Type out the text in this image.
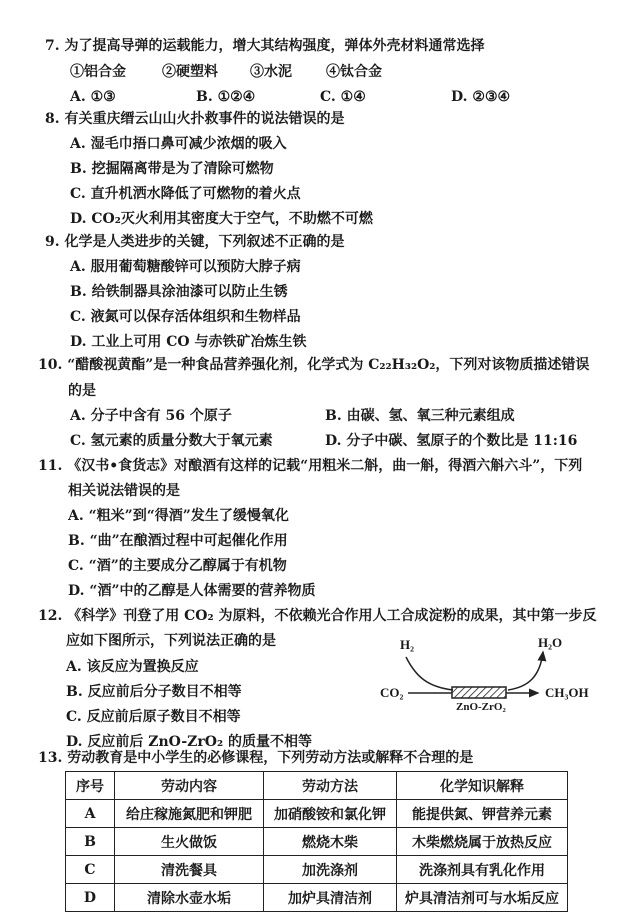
7. 为了提高导弹的运载能力，增大其结构强度，弹体外壳材料通常选择
①铝合金	②硬塑料 ③水泥 ④钛合金
A. ①③	B. ①②④	C. ①④	D. ②③④
8. 有关重庆缙云山山火扑救事件的说法错误的是
A. 湿毛巾捂口鼻可减少浓烟的吸入
B. 挖掘隔离带是为了清除可燃物
C. 直升机洒水降低了可燃物的着火点
D. CO₂灭火利用其密度大于空气，不助燃不可燃
9. 化学是人类进步的关键，下列叙述不正确的是
A. 服用葡萄糖酸锌可以预防大脖子病
B. 给铁制器具涂油漆可以防止生锈
C. 液氮可以保存活体组织和生物样品
D. 工业上可用 CO 与赤铁矿冶炼生铁
10. “醋酸视黄酯”是一种食品营养强化剂，化学式为 C₂₂H₃₂O₂，下列对该物质描述错误
的是
A. 分子中含有 56 个原子	B. 由碳、氢、氧三种元素组成
C. 氢元素的质量分数大于氧元素	D. 分子中碳、氢原子的个数比是 11:16
11. 《汉书•食货志》对酿酒有这样的记载“用粗米二斛，曲一斛，得酒六斛六斗”，下列
相关说法错误的是
A. “粗米”到“得酒”发生了缓慢氧化
B. “曲”在酿酒过程中可起催化作用
C. “酒”的主要成分乙醇属于有机物
D. “酒”中的乙醇是人体需要的营养物质
12. 《科学》刊登了用 CO₂ 为原料，不依赖光合作用人工合成淀粉的成果，其中第一步反
应如下图所示，下列说法正确的是
A. 该反应为置换反应
B. 反应前后分子数目不相等
C. 反应前后原子数目不相等
D. 反应前后 ZnO-ZrO₂ 的质量不相等
H₂	H₂O
CO₂	CH₃OH
ZnO-ZrO₂
13. 劳动教育是中小学生的必修课程，下列劳动方法或解释不合理的是
序号	劳动内容	劳动方法	化学知识解释
A	给庄稼施氮肥和钾肥	加硝酸铵和氯化钾	能提供氮、钾营养元素
B	生火做饭	燃烧木柴	木柴燃烧属于放热反应
C	清洗餐具	加洗涤剂	洗涤剂具有乳化作用
D	清除水壶水垢	加炉具清洁剂	炉具清洁剂可与水垢反应
